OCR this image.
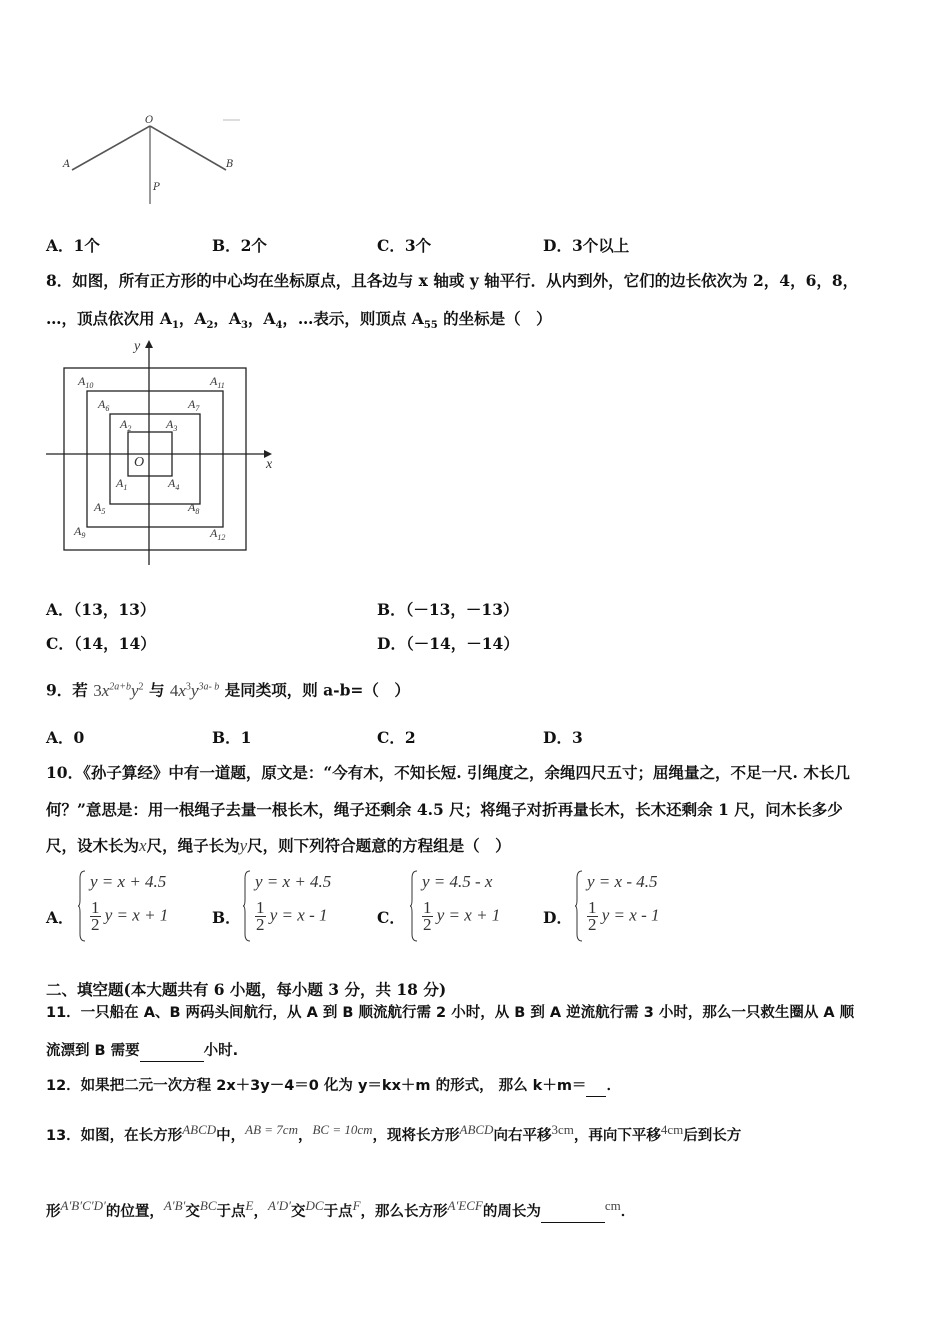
O
A	B
P
A．1个	B．2个	C．3个	D．3个以上
8．如图，所有正方形的中心均在坐标原点，且各边与 x 轴或 y 轴平行．从内到外，它们的边长依次为 2，4，6，8，
…，顶点依次用 $A_1$，$A_2$，$A_3$，$A_4$，…表示，则顶点 $A_{55}$ 的坐标是（　）
y
x
O
$A_1$
$A_2$	$A_3$
$A_4$
$A_5$
$A_6$	$A_7$
$A_8$
$A_9$
$A_{10}$	$A_{11}$
$A_{12}$
A．（13，13）	B．（－13，－13）
C．（14，14）	D．（－14，－14）
9．若 $3x^{2a+b}y^2$ 与 $4x^3y^{3a- b}$ 是同类项，则 a-b=（　）
A．0	B．1	C．2	D．3
10．《孙子算经》中有一道题，原文是：“今有木，不知长短. 引绳度之，余绳四尺五寸；屈绳量之，不足一尺. 木长几
何？”意思是：用一根绳子去量一根长木，绳子还剩余 4.5 尺；将绳子对折再量长木，长木还剩余 1 尺，问木长多少
尺，设木长为x尺，绳子长为y尺，则下列符合题意的方程组是（　）
A．
y = x + 4.5
$\frac{1}{2}$ y = x + 1	B．
y = x + 4.5
$\frac{1}{2}$ y = x - 1	C．
y = 4.5 - x
$\frac{1}{2}$ y = x + 1	D．
y = x - 4.5
$\frac{1}{2}$ y = x - 1
二、填空题(本大题共有 6 小题，每小题 3 分，共 18 分)
11．一只船在 A、B 两码头间航行，从 A 到 B 顺流航行需 2 小时，从 B 到 A 逆流航行需 3 小时，那么一只救生圈从 A 顺
流漂到 B 需要	小时.
12．如果把二元一次方程 2x＋3y－4＝0 化为 y＝kx＋m 的形式， 那么 k＋m＝ ．
13．如图，在长方形$^{ABCD}$中，$^{AB = 7cm}$，$^{BC = 10cm}$，现将长方形$^{ABCD}$向右平移$^{3cm}$，再向下平移$^{4cm}$后到长方
形$^{A'B'C'D'}$的位置，$^{A'B'}$交$^{BC}$于点$^E$，$^{A'D'}$交$^{DC}$于点$^F$，那么长方形$^{A'ECF}$的周长为	$^{cm}$．
